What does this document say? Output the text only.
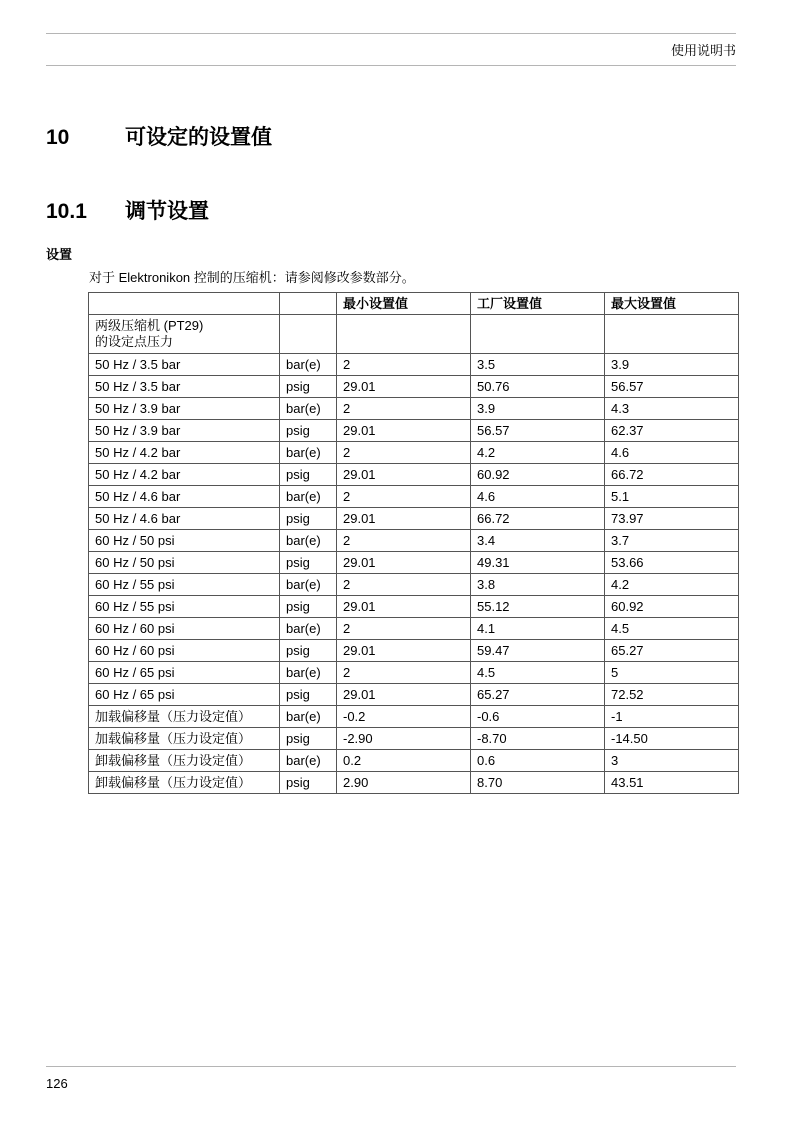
使用说明书
10	可设定的设置值
10.1 调节设置
设置
对于 Elektronikon 控制的压缩机：请参阅修改参数部分。
		最小设置值	工厂设置值	最大设置值

两级压缩机 (PT29)
的设定点压力				

50 Hz / 3.5 bar	bar(e)	2	3.5	3.9
50 Hz / 3.5 bar	psig	29.01	50.76	56.57
50 Hz / 3.9 bar	bar(e)	2	3.9	4.3
50 Hz / 3.9 bar	psig	29.01	56.57	62.37
50 Hz / 4.2 bar	bar(e)	2	4.2	4.6
50 Hz / 4.2 bar	psig	29.01	60.92	66.72
50 Hz / 4.6 bar	bar(e)	2	4.6	5.1
50 Hz / 4.6 bar	psig	29.01	66.72	73.97
60 Hz / 50 psi	bar(e)	2	3.4	3.7
60 Hz / 50 psi	psig	29.01	49.31	53.66
60 Hz / 55 psi	bar(e)	2	3.8	4.2
60 Hz / 55 psi	psig	29.01	55.12	60.92
60 Hz / 60 psi	bar(e)	2	4.1	4.5
60 Hz / 60 psi	psig	29.01	59.47	65.27
60 Hz / 65 psi	bar(e)	2	4.5	5
60 Hz / 65 psi	psig	29.01	65.27	72.52
加载偏移量（压力设定值）	bar(e)	-0.2	-0.6	-1
加载偏移量（压力设定值）	psig	-2.90	-8.70	-14.50
卸载偏移量（压力设定值）	bar(e)	0.2	0.6	3
卸载偏移量（压力设定值）	psig	2.90	8.70	43.51
126
